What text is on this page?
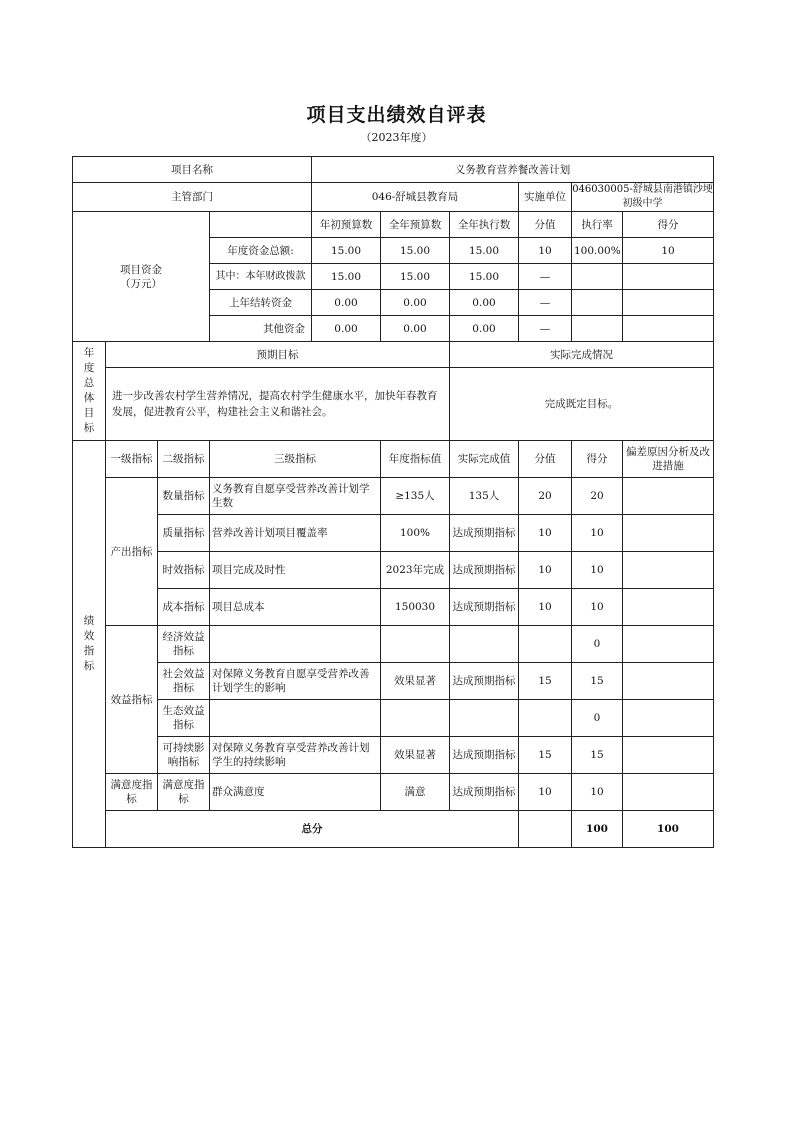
项目支出绩效自评表
（2023年度）
项目名称				义务教育营养餐改善计划						
主管部门				046-舒城县教育局			实施单位	046030005-舒城县南港镇沙埂初级中学		

项目资金
（万元）				年初预算数	全年预算数	全年执行数	分值	执行率	得分	
			年度资金总额:	15.00	15.00	15.00	10	100.00%	10	
			其中：本年财政拨款	15.00	15.00	15.00	—			
			上年结转资金	0.00	0.00	0.00	—			
			其他资金	0.00	0.00	0.00	—			

年度总体目标	预期目标					实际完成情况				
	进一步改善农村学生营养情况，提高农村学生健康水平，加快年春教育发展，促进教育公平，构建社会主义和谐社会。					完成既定目标。				

绩效指标	一级指标	二级指标	三级指标		年度指标值	实际完成值	分值	得分	偏差原因分析及改进措施	
	产出指标	数量指标	义务教育自愿享受营养改善计划学生数		≥135人	135人	20	20		
		质量指标	营养改善计划项目覆盖率		100%	达成预期指标	10	10		
		时效指标	项目完成及时性		2023年完成	达成预期指标	10	10		
		成本指标	项目总成本		150030	达成预期指标	10	10		
	效益指标	经济效益指标						0		
		社会效益指标	对保障义务教育自愿享受营养改善计划学生的影响		效果显著	达成预期指标	15	15		
		生态效益指标						0		
		可持续影响指标	对保障义务教育享受营养改善计划学生的持续影响		效果显著	达成预期指标	15	15		
	满意度指标	满意度指标	群众满意度		满意	达成预期指标	10	10		
	总分							100	100	
